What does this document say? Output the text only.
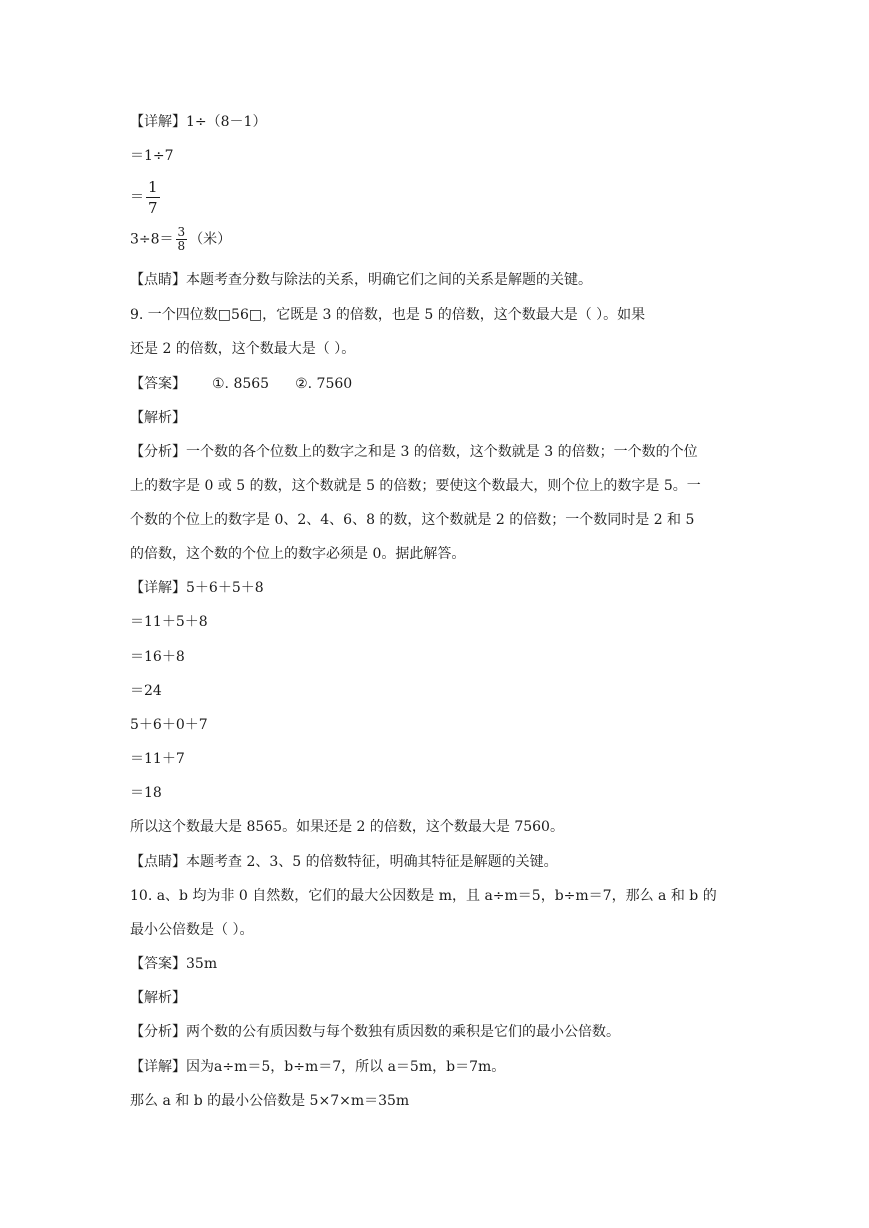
【详解】1÷（8－1）
＝1÷7
＝ $\frac{1}{7}$
$3\div 8= \frac{3}{8}$ （米）
【点睛】本题考查分数与除法的关系，明确它们之间的关系是解题的关键。
9. 一个四位数□56□，它既是 3 的倍数，也是 5 的倍数，这个数最大是（ ）。如果
还是 2 的倍数，这个数最大是（ ）。
【答案】 ①. 8565 ②. 7560
【解析】
【分析】一个数的各个位数上的数字之和是 3 的倍数，这个数就是 3 的倍数；一个数的个位
上的数字是 0 或 5 的数，这个数就是 5 的倍数；要使这个数最大，则个位上的数字是 5。一
个数的个位上的数字是 0、2、4、6、8 的数，这个数就是 2 的倍数；一个数同时是 2 和 5
的倍数，这个数的个位上的数字必须是 0。据此解答。
【详解】5＋6＋5＋8
＝11＋5＋8
＝16＋8
＝24
5＋6＋0＋7
＝11＋7
＝18
所以这个数最大是 8565。如果还是 2 的倍数，这个数最大是 7560。
【点睛】本题考查 2、3、5 的倍数特征，明确其特征是解题的关键。
10. a、b 均为非 0 自然数，它们的最大公因数是 m，且 a÷m＝5，b÷m＝7，那么 a 和 b 的
最小公倍数是（ ）。
【答案】35m
【解析】
【分析】两个数的公有质因数与每个数独有质因数的乘积是它们的最小公倍数。
【详解】因为a÷m＝5，b÷m＝7，所以 a＝5m，b＝7m。
那么 a 和 b 的最小公倍数是 5×7×m＝35m
